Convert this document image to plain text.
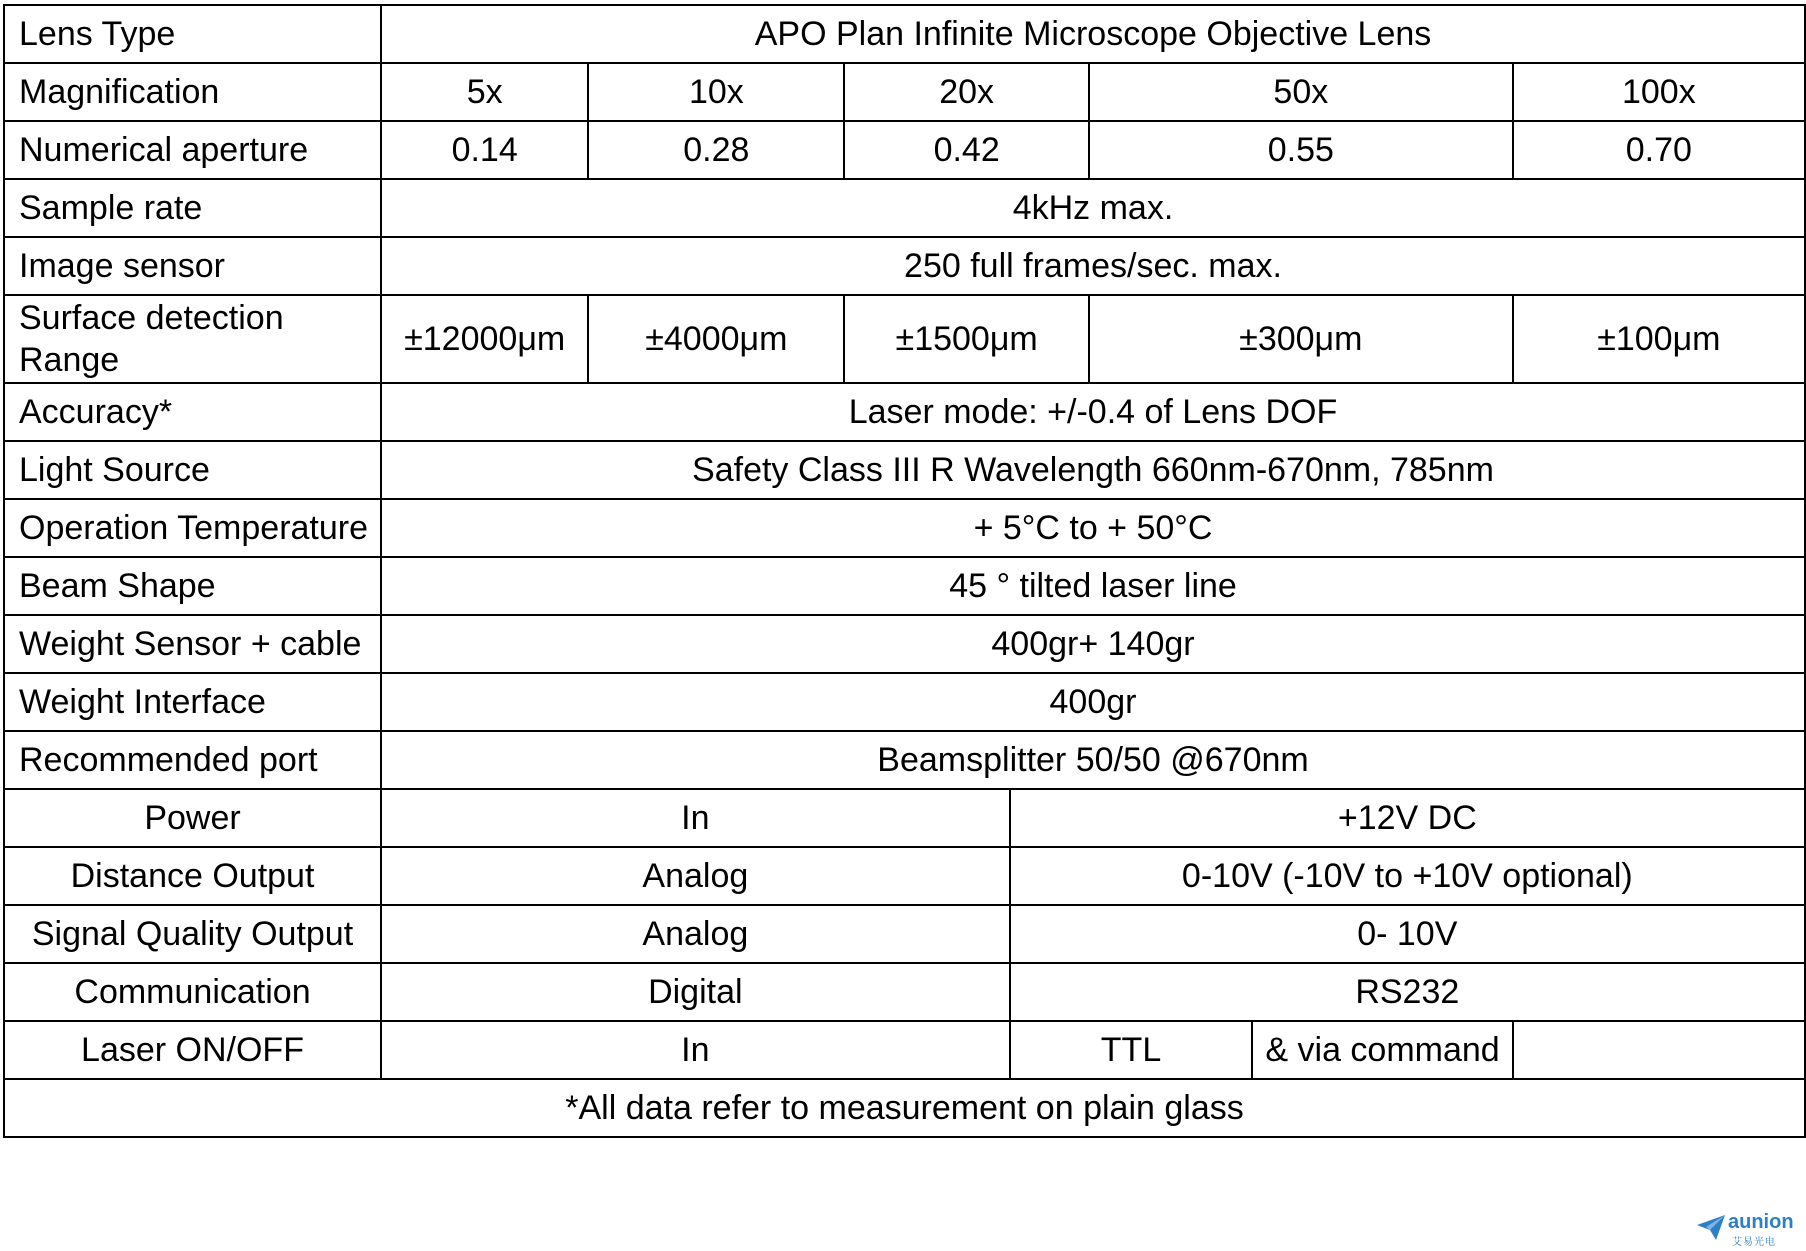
Lens Type	APO Plan Infinite Microscope Objective Lens						
Magnification	5x	10x	20x		50x		100x
Numerical aperture	0.14	0.28	0.42		0.55		0.70
Sample rate	4kHz max.						
Image sensor	250 full frames/sec. max.						
Surface detection
Range	±12000μm	±4000μm	±1500μm		±300μm		±100μm
Accuracy*	Laser mode: +/-0.4 of Lens DOF						
Light Source	Safety Class III R Wavelength 660nm-670nm, 785nm						
Operation Temperature	+ 5°C to + 50°C						
Beam Shape	45 ° tilted laser line						
Weight Sensor + cable	400gr+ 140gr						
Weight Interface	400gr						
Recommended port	Beamsplitter 50/50 @670nm						
Power	In			+12V DC			
Distance Output	Analog			0-10V (-10V to +10V optional)			
Signal Quality Output	Analog			0- 10V			
Communication	Digital			RS232			
Laser ON/OFF	In			TTL		& via command	
*All data refer to measurement on plain glass							
aunion
艾易光电
